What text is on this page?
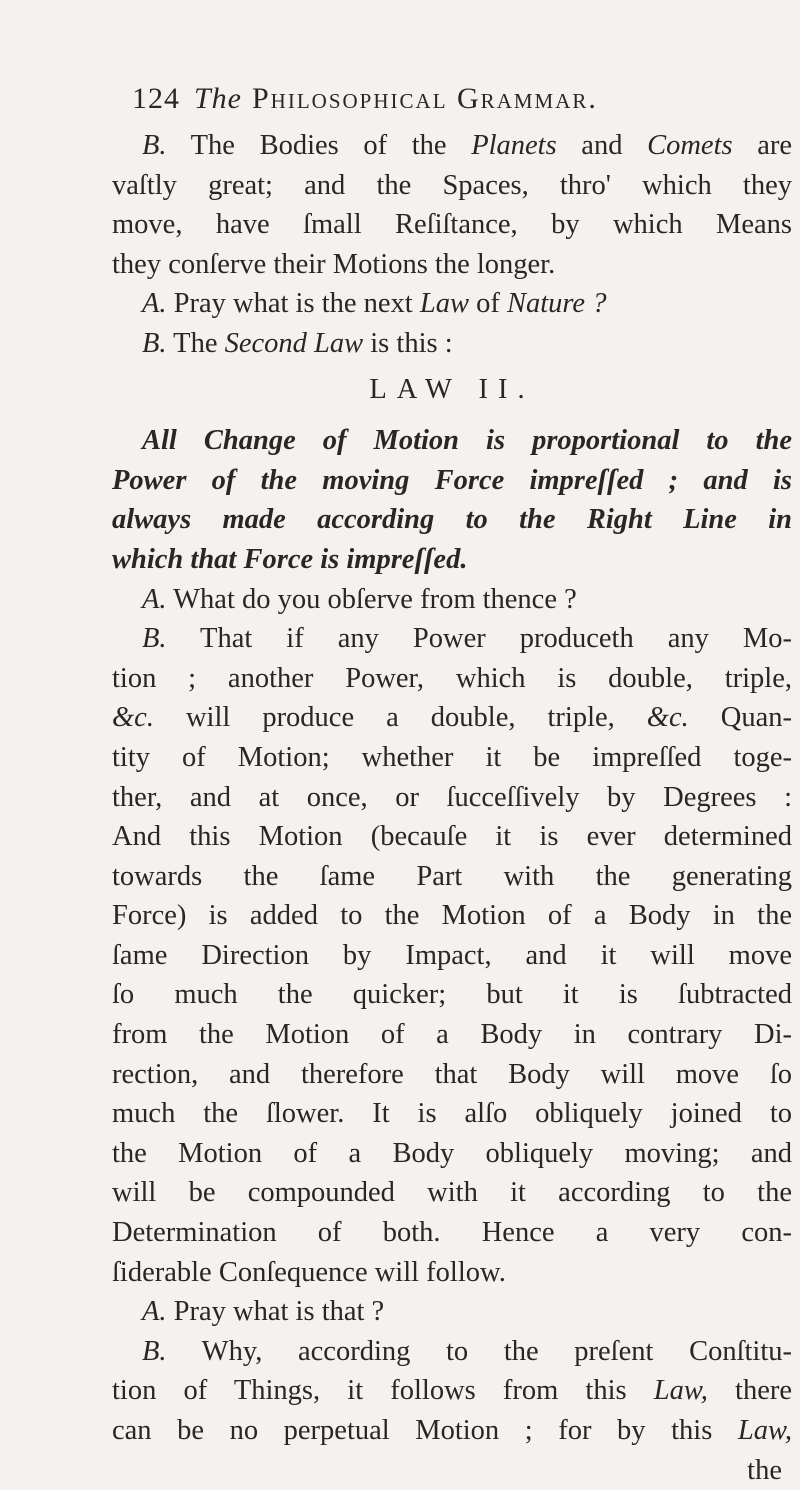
124 The Philosophical Grammar.
B. The Bodies of the Planets and Comets are
vaſtly great; and the Spaces, thro' which they
move, have ſmall Reſiſtance, by which Means
they conſerve their Motions the longer.
A. Pray what is the next Law of Nature ?
B. The Second Law is this :
LAW II.
All Change of Motion is proportional to the
Power of the moving Force impreſſed ; and is
always made according to the Right Line in
which that Force is impreſſed.
A. What do you obſerve from thence ?
B. That if any Power produceth any Mo-
tion ; another Power, which is double, triple,
&c. will produce a double, triple, &c. Quan-
tity of Motion; whether it be impreſſed toge-
ther, and at once, or ſucceſſively by Degrees :
And this Motion (becauſe it is ever determined
towards the ſame Part with the generating
Force) is added to the Motion of a Body in the
ſame Direction by Impact, and it will move
ſo much the quicker; but it is ſubtracted
from the Motion of a Body in contrary Di-
rection, and therefore that Body will move ſo
much the ſlower. It is alſo obliquely joined to
the Motion of a Body obliquely moving; and
will be compounded with it according to the
Determination of both. Hence a very con-
ſiderable Conſequence will follow.
A. Pray what is that ?
B. Why, according to the preſent Conſtitu-
tion of Things, it follows from this Law, there
can be no perpetual Motion ; for by this Law,
the
